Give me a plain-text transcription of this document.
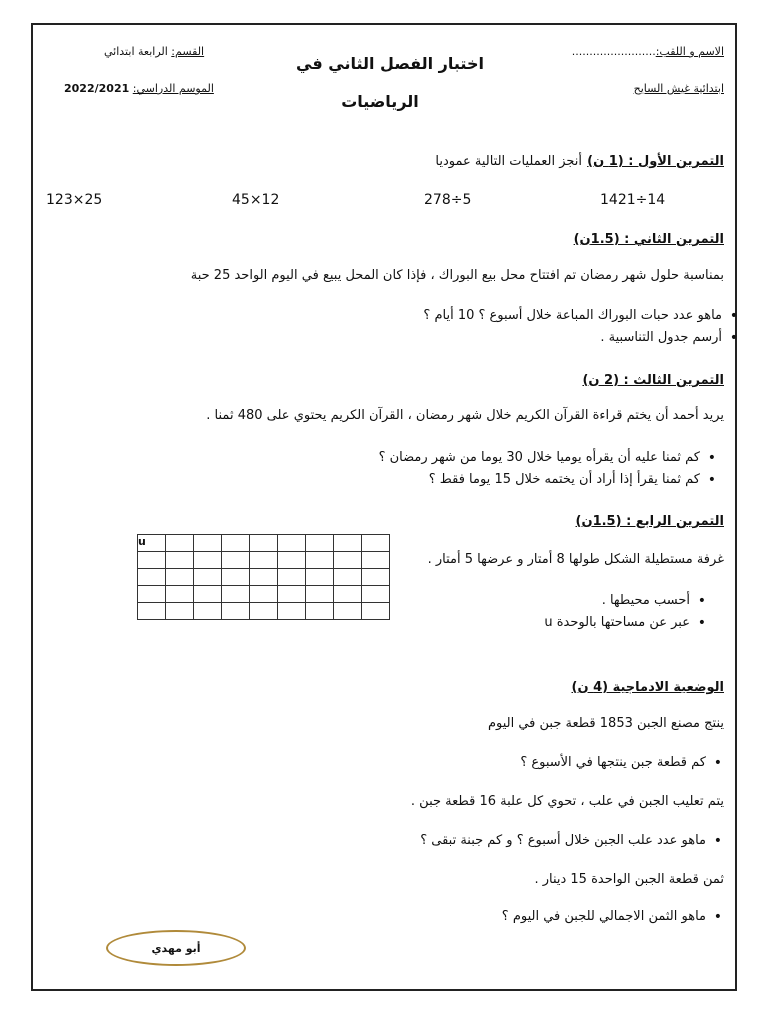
الاسم و اللقب:........................
ابتدائية غيش السايح
اختبار الفصل الثاني في
الرياضيات
القسم: الرابعة ابتدائي
الموسم الدراسي: 2022/2021
التمرين الأول : (1 ن) أنجز العمليات التالية عموديا
1421÷14
278÷5
45×12
123×25
التمرين الثاني : (1.5ن)
بمناسبة حلول شهر رمضان تم افتتاح محل بيع البوراك ، فإذا كان المحل يبيع في اليوم الواحد 25 حبة
• ماهو عدد حبات البوراك المباعة خلال أسبوع ؟ 10 أيام ؟
• أرسم جدول التناسبية .
التمرين الثالث : (2 ن)
يريد أحمد أن يختم قراءة القرآن الكريم خلال شهر رمضان ، القرآن الكريم يحتوي على 480 ثمنا .
• كم ثمنا عليه أن يقرأه يوميا خلال 30 يوما من شهر رمضان ؟
• كم ثمنا يقرأ إذا أراد أن يختمه خلال 15 يوما فقط ؟
التمرين الرابع : (1.5ن)
غرفة مستطيلة الشكل طولها 8 أمتار و عرضها 5 أمتار .
• أحسب محيطها .
• عبر عن مساحتها بالوحدة u
u								

الوضعية الادماجية (4 ن)
ينتج مصنع الجبن 1853 قطعة جبن في اليوم
• كم قطعة جبن ينتجها في الأسبوع ؟
يتم تعليب الجبن في علب ، تحوي كل علبة 16 قطعة جبن .
• ماهو عدد علب الجبن خلال أسبوع ؟ و كم جبنة تبقى ؟
ثمن قطعة الجبن الواحدة 15 دينار .
• ماهو الثمن الاجمالي للجبن في اليوم ؟
أبو مهدي
